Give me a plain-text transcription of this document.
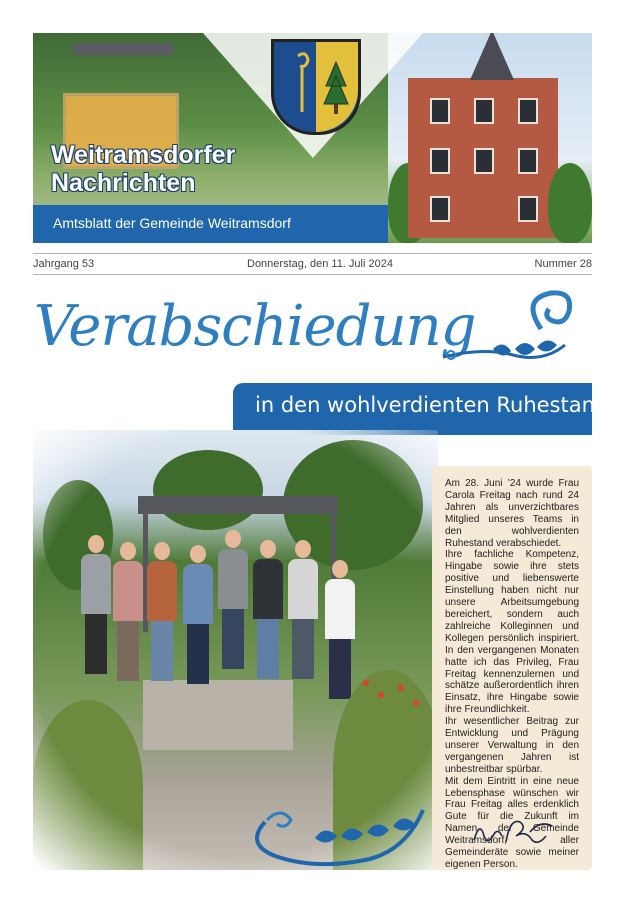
Weitramsdorfer
Nachrichten
Amtsblatt der Gemeinde Weitramsdorf
Jahrgang 53	Donnerstag, den 11. Juli 2024	Nummer 28
Verabschiedung
in den wohlverdienten Ruhestand

Am 28. Juni ’24 wurde Frau Carola Freitag nach rund 24 Jahren als unverzichtbares Mitglied unseres Teams in den wohlverdienten Ruhestand verabschiedet.
Ihre fachliche Kompetenz, Hingabe sowie ihre stets positive und liebenswerte Einstellung haben nicht nur unsere Arbeitsumgebung bereichert, sondern auch zahlreiche Kolleginnen und Kollegen persönlich inspiriert. In den vergangenen Monaten hatte ich das Privileg, Frau Freitag kennenzulernen und schätze außerordentlich ihren Einsatz, ihre Hingabe sowie ihre Freundlichkeit.
Ihr wesentlicher Beitrag zur Entwicklung und Prägung unserer Verwaltung in den vergangenen Jahren ist unbestreitbar spürbar.
Mit dem Eintritt in eine neue Lebensphase wünschen wir Frau Freitag alles erdenklich Gute für die Zukunft im Namen der Gemeinde Weitramsdorf, aller Gemeinderäte sowie meiner eigenen Person.
